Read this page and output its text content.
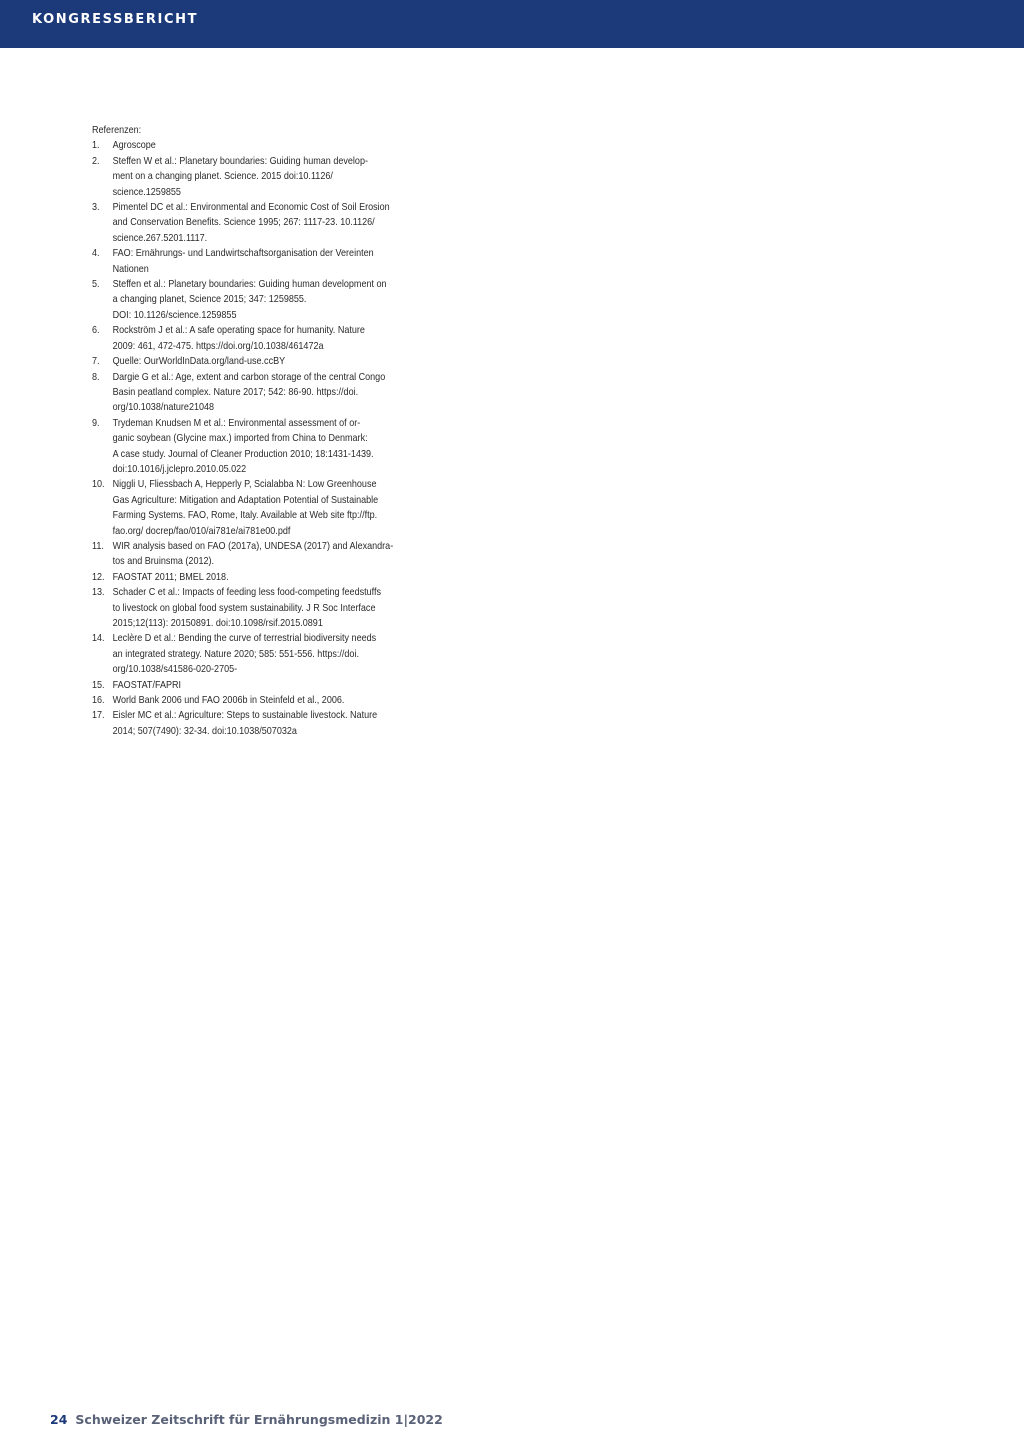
KONGRESSBERICHT

Referenzen:

1.	Agroscope
2.	Steffen W et al.: Planetary boundaries: Guiding human develop-
ment on a changing planet. Science. 2015 doi:10.1126/
science.1259855
3.	Pimentel DC et al.: Environmental and Economic Cost of Soil Erosion
and Conservation Benefits. Science 1995; 267: 1117-23. 10.1126/
science.267.5201.1117.
4.	FAO: Ernährungs- und Landwirtschaftsorganisation der Vereinten
Nationen
5.	Steffen et al.: Planetary boundaries: Guiding human development on
a changing planet, Science 2015; 347: 1259855.
DOI: 10.1126/science.1259855
6.	Rockström J et al.: A safe operating space for humanity. Nature
2009: 461, 472-475. https://doi.org/10.1038/461472a
7.	Quelle: OurWorldInData.org/land-use.ccBY
8.	Dargie G et al.: Age, extent and carbon storage of the central Congo
Basin peatland complex. Nature 2017; 542: 86-90. https://doi.
org/10.1038/nature21048
9.	Trydeman Knudsen M et al.: Environmental assessment of or-
ganic soybean (Glycine max.) imported from China to Denmark:
A case study. Journal of Cleaner Production 2010; 18:1431-1439.
doi:10.1016/j.jclepro.2010.05.022
10. Niggli U, Fliessbach A, Hepperly P, Scialabba N: Low Greenhouse
Gas Agriculture: Mitigation and Adaptation Potential of Sustainable
Farming Systems. FAO, Rome, Italy. Available at Web site ftp://ftp.
fao.org/ docrep/fao/010/ai781e/ai781e00.pdf
11. WIR analysis based on FAO (2017a), UNDESA (2017) and Alexandra-
tos and Bruinsma (2012).
12. FAOSTAT 2011; BMEL 2018.
13. Schader C et al.: Impacts of feeding less food-competing feedstuffs
to livestock on global food system sustainability. J R Soc Interface
2015;12(113): 20150891. doi:10.1098/rsif.2015.0891
14. Leclère D et al.: Bending the curve of terrestrial biodiversity needs
an integrated strategy. Nature 2020; 585: 551-556. https://doi.
org/10.1038/s41586-020-2705-
15. FAOSTAT/FAPRI
16. World Bank 2006 und FAO 2006b in Steinfeld et al., 2006.
17. Eisler MC et al.: Agriculture: Steps to sustainable livestock. Nature
2014; 507(7490): 32-34. doi:10.1038/507032a
24 Schweizer Zeitschrift für Ernährungsmedizin 1|2022
